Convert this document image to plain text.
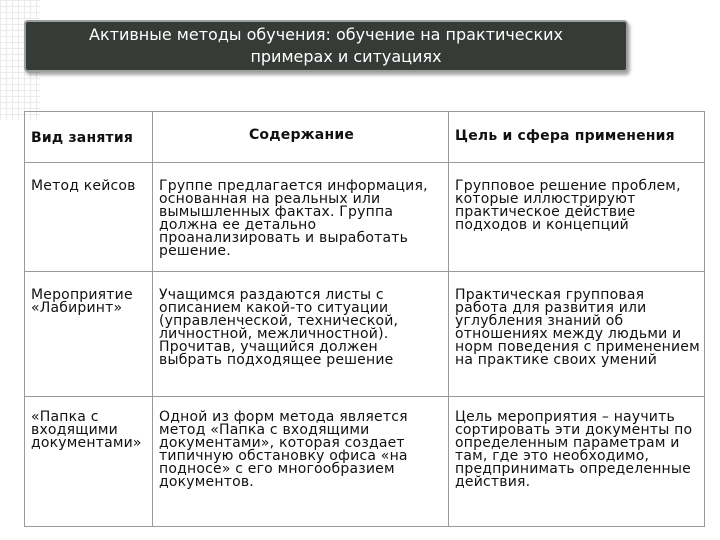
Активные методы обучения: обучение на практических
примерах и ситуациях
Вид занятия	Содержание	Цель и сфера применения

Метод кейсов	Группе предлагается информация, основанная на реальных или вымышленных фактах. Группа должна ее детально проанализировать и выработать решение.	Групповое решение проблем, которые иллюстрируют практическое действие подходов и концепций

Мероприятие «Лабиринт»	Учащимся раздаются листы с описанием какой-то ситуации (управленческой, технической, личностной, межличностной). Прочитав, учащийся должен выбрать подходящее решение	Практическая групповая работа для развития или углубления знаний об отношениях между людьми и норм поведения с применением на практике своих умений

«Папка с входящими документами»	Одной из форм метода является метод «Папка с входящими документами», которая создает типичную обстановку офиса «на подносе» с его многообразием документов.	Цель мероприятия – научить сортировать эти документы по определенным параметрам и там, где это необходимо, предпринимать определенные действия.
